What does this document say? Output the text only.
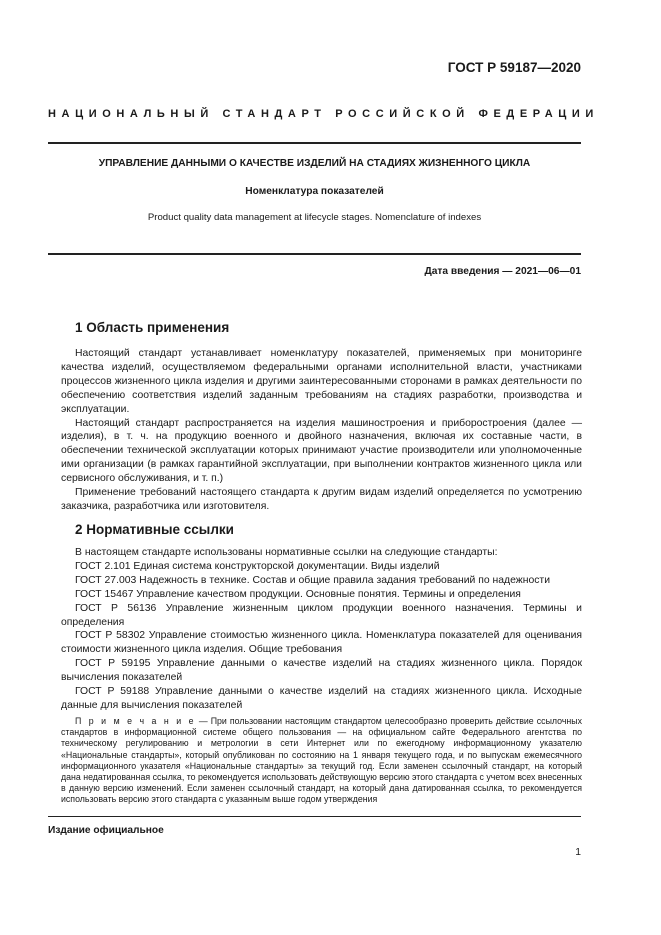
ГОСТ Р 59187—2020
НАЦИОНАЛЬНЫЙ СТАНДАРТ РОССИЙСКОЙ ФЕДЕРАЦИИ
УПРАВЛЕНИЕ ДАННЫМИ О КАЧЕСТВЕ ИЗДЕЛИЙ НА СТАДИЯХ ЖИЗНЕННОГО ЦИКЛА
Номенклатура показателей
Product quality data management at lifecycle stages. Nomenclature of indexes
Дата введения — 2021—06—01
1 Область применения

Настоящий стандарт устанавливает номенклатуру показателей, применяемых при мониторинге качества изделий, осуществляемом федеральными органами исполнительной власти, участниками процессов жизненного цикла изделия и другими заинтересованными сторонами в рамках деятельности по обеспечению соответствия изделий заданным требованиям на стадиях разработки, производства и эксплуатации.

Настоящий стандарт распространяется на изделия машиностроения и приборостроения (далее — изделия), в т. ч. на продукцию военного и двойного назначения, включая их составные части, в обеспечении технической эксплуатации которых принимают участие производители или уполномоченные ими организации (в рамках гарантийной эксплуатации, при выполнении контрактов жизненного цикла или сервисного обслуживания, и т. п.)

Применение требований настоящего стандарта к другим видам изделий определяется по усмотрению заказчика, разработчика или изготовителя.

2 Нормативные ссылки

В настоящем стандарте использованы нормативные ссылки на следующие стандарты:

ГОСТ 2.101 Единая система конструкторской документации. Виды изделий

ГОСТ 27.003 Надежность в технике. Состав и общие правила задания требований по надежности

ГОСТ 15467 Управление качеством продукции. Основные понятия. Термины и определения

ГОСТ Р 56136 Управление жизненным циклом продукции военного назначения. Термины и определения

ГОСТ Р 58302 Управление стоимостью жизненного цикла. Номенклатура показателей для оценивания стоимости жизненного цикла изделия. Общие требования

ГОСТ Р 59195 Управление данными о качестве изделий на стадиях жизненного цикла. Порядок вычисления показателей

ГОСТ Р 59188 Управление данными о качестве изделий на стадиях жизненного цикла. Исходные данные для вычисления показателей

П р и м е ч а н и е — При пользовании настоящим стандартом целесообразно проверить действие ссылочных стандартов в информационной системе общего пользования — на официальном сайте Федерального агентства по техническому регулированию и метрологии в сети Интернет или по ежегодному информационному указателю «Национальные стандарты», который опубликован по состоянию на 1 января текущего года, и по выпускам ежемесячного информационного указателя «Национальные стандарты» за текущий год. Если заменен ссылочный стандарт, на который дана недатированная ссылка, то рекомендуется использовать действующую версию этого стандарта с учетом всех внесенных в данную версию изменений. Если заменен ссылочный стандарт, на который дана датированная ссылка, то рекомендуется использовать версию этого стандарта с указанным выше годом утверждения

Издание официальное
1
